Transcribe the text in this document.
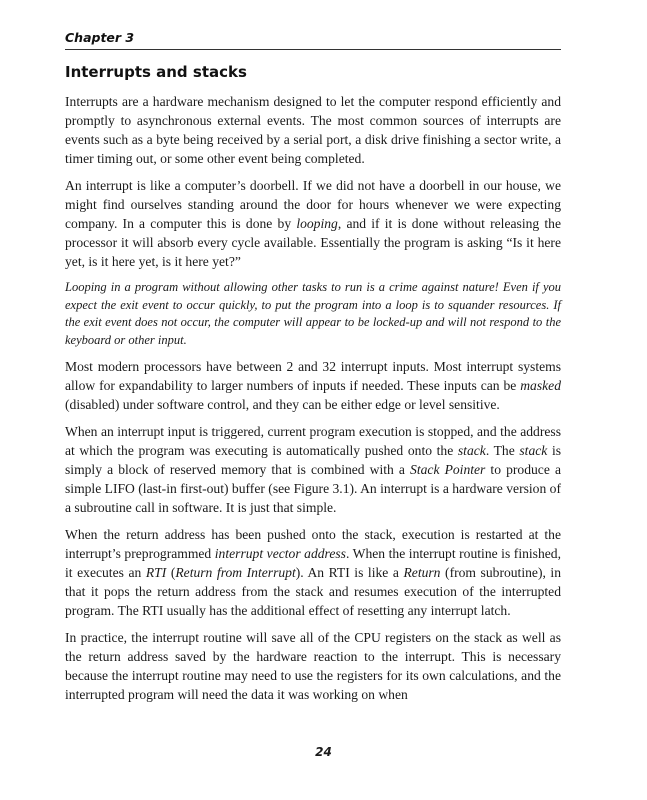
Chapter 3
Interrupts and stacks

Interrupts are a hardware mechanism designed to let the computer respond efficiently and promptly to asynchronous external events. The most common sources of interrupts are events such as a byte being received by a serial port, a disk drive finishing a sector write, a timer timing out, or some other event being completed.

An interrupt is like a computer’s doorbell. If we did not have a doorbell in our house, we might find ourselves standing around the door for hours whenever we were expecting company. In a computer this is done by looping, and if it is done without releasing the processor it will absorb every cycle available. Essentially the program is asking “Is it here yet, is it here yet, is it here yet?”

Looping in a program without allowing other tasks to run is a crime against nature! Even if you expect the exit event to occur quickly, to put the program into a loop is to squander resources. If the exit event does not occur, the computer will appear to be locked-up and will not respond to the keyboard or other input.

Most modern processors have between 2 and 32 interrupt inputs. Most interrupt systems allow for expandability to larger numbers of inputs if needed. These inputs can be masked (disabled) under software control, and they can be either edge or level sensitive.

When an interrupt input is triggered, current program execution is stopped, and the address at which the program was executing is automatically pushed onto the stack. The stack is simply a block of reserved memory that is combined with a Stack Pointer to produce a simple LIFO (last-in first-out) buffer (see Figure 3.1). An interrupt is a hardware version of a subroutine call in software. It is just that simple.

When the return address has been pushed onto the stack, execution is restarted at the interrupt’s preprogrammed interrupt vector address. When the interrupt routine is finished, it executes an RTI (Return from Interrupt). An RTI is like a Return (from subroutine), in that it pops the return address from the stack and resumes execution of the interrupted program. The RTI usually has the additional effect of resetting any interrupt latch.

In practice, the interrupt routine will save all of the CPU registers on the stack as well as the return address saved by the hardware reaction to the interrupt. This is necessary because the interrupt routine may need to use the registers for its own calculations, and the interrupted program will need the data it was working on when

24
